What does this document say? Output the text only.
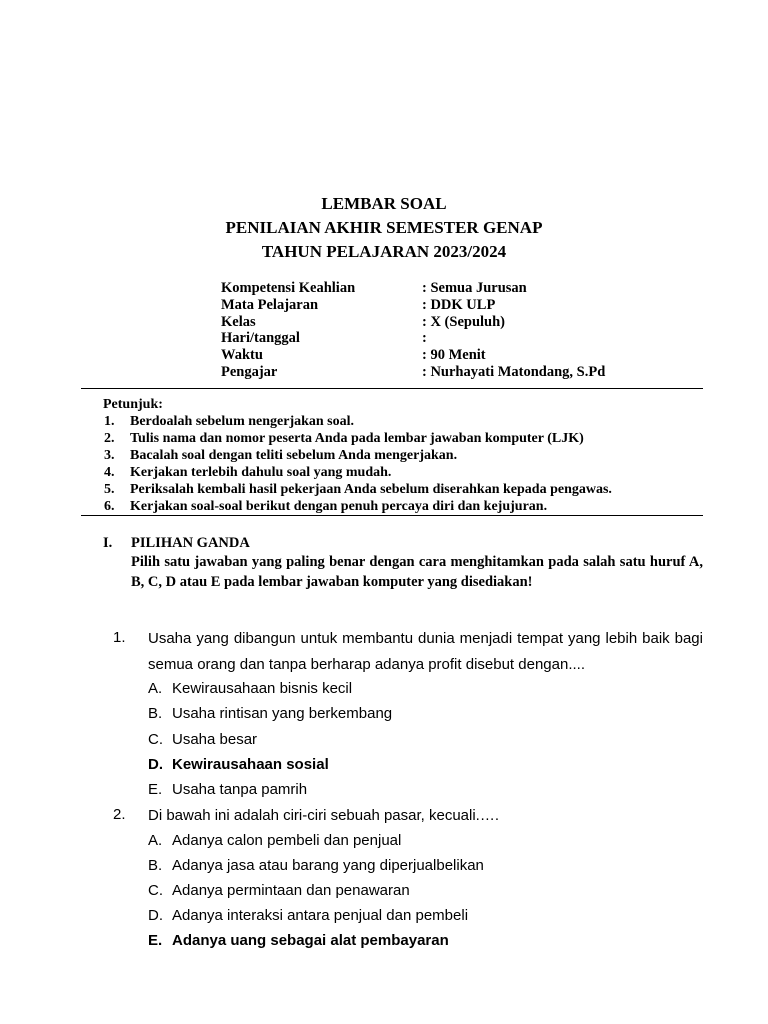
LEMBAR SOAL
PENILAIAN AKHIR SEMESTER GENAP
TAHUN PELAJARAN 2023/2024
Kompetensi Keahlian	: Semua Jurusan
Mata Pelajaran	: DDK ULP
Kelas	: X (Sepuluh)
Hari/tanggal	:
Waktu	: 90 Menit
Pengajar	: Nurhayati Matondang, S.Pd
Petunjuk:
1. Berdoalah sebelum nengerjakan soal.
2. Tulis nama dan nomor peserta Anda pada lembar jawaban komputer (LJK)
3. Bacalah soal dengan teliti sebelum Anda mengerjakan.
4. Kerjakan terlebih dahulu soal yang mudah.
5. Periksalah kembali hasil pekerjaan Anda sebelum diserahkan kepada pengawas.
6. Kerjakan soal-soal berikut dengan penuh percaya diri dan kejujuran.
I. PILIHAN GANDA
Pilih satu jawaban yang paling benar dengan cara menghitamkan pada salah satu huruf A, B, C, D atau E pada lembar jawaban komputer yang disediakan!
1. Usaha yang dibangun untuk membantu dunia menjadi tempat yang lebih baik bagi semua orang dan tanpa berharap adanya profit disebut dengan....
A. Kewirausahaan bisnis kecil
B. Usaha rintisan yang berkembang
C. Usaha besar
D. Kewirausahaan sosial
E. Usaha tanpa pamrih
2. Di bawah ini adalah ciri-ciri sebuah pasar, kecuali.….
A. Adanya calon pembeli dan penjual
B. Adanya jasa atau barang yang diperjualbelikan
C. Adanya permintaan dan penawaran
D. Adanya interaksi antara penjual dan pembeli
E. Adanya uang sebagai alat pembayaran
